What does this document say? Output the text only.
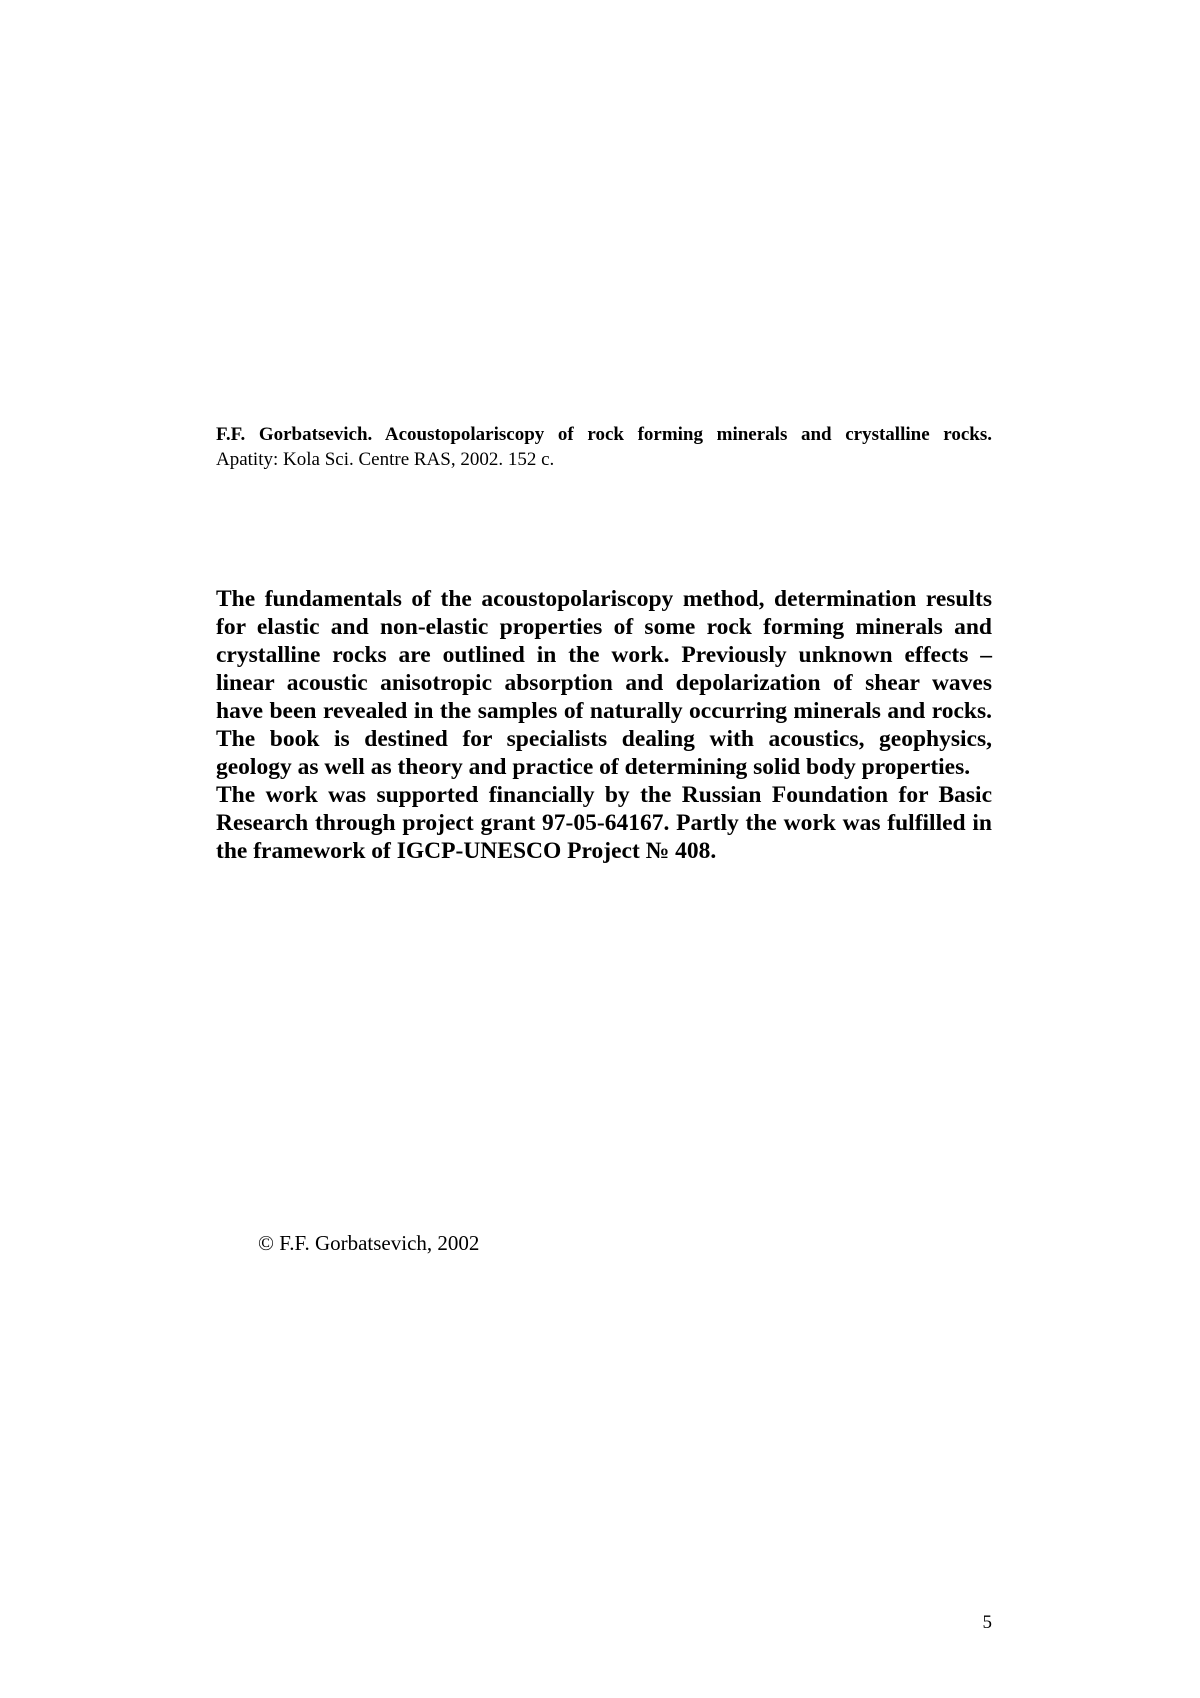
F.F. Gorbatsevich. Acoustopolariscopy of rock forming minerals and crystalline rocks.
Apatity: Kola Sci. Centre RAS, 2002. 152 c.

The fundamentals of the acoustopolariscopy method, determination results for elastic and non-elastic properties of some rock forming minerals and crystalline rocks are outlined in the work. Previously unknown effects – linear acoustic anisotropic absorption and depolarization of shear waves have been revealed in the samples of naturally occurring minerals and rocks. The book is destined for specialists dealing with acoustics, geophysics, geology as well as theory and practice of determining solid body properties.

The work was supported financially by the Russian Foundation for Basic Research through project grant 97-05-64167. Partly the work was fulfilled in the framework of IGCP-UNESCO Project № 408.

© F.F. Gorbatsevich, 2002
5
